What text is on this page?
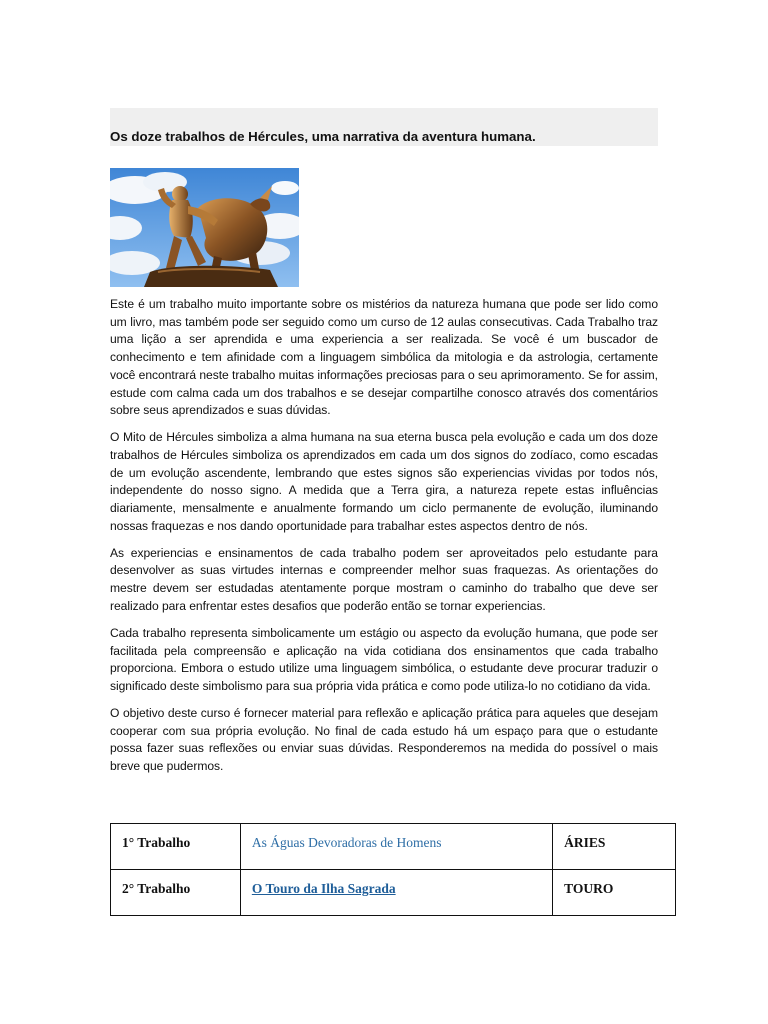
Os doze trabalhos de Hércules, uma narrativa da aventura humana.

Este é um trabalho muito importante sobre os mistérios da natureza humana que pode ser lido como um livro, mas também pode ser seguido como um curso de 12 aulas consecutivas. Cada Trabalho traz uma lição a ser aprendida e uma experiencia a ser realizada. Se você é um buscador de conhecimento e tem afinidade com a linguagem simbólica da mitologia e da astrologia, certamente você encontrará neste trabalho muitas informações preciosas para o seu aprimoramento. Se for assim, estude com calma cada um dos trabalhos e se desejar compartilhe conosco através dos comentários sobre seus aprendizados e suas dúvidas.

O Mito de Hércules simboliza a alma humana na sua eterna busca pela evolução e cada um dos doze trabalhos de Hércules simboliza os aprendizados em cada um dos signos do zodíaco, como escadas de um evolução ascendente, lembrando que estes signos são experiencias vividas por todos nós, independente do nosso signo. A medida que a Terra gira, a natureza repete estas influências diariamente, mensalmente e anualmente formando um ciclo permanente de evolução, iluminando nossas fraquezas e nos dando oportunidade para trabalhar estes aspectos dentro de nós.

As experiencias e ensinamentos de cada trabalho podem ser aproveitados pelo estudante para desenvolver as suas virtudes internas e compreender melhor suas fraquezas. As orientações do mestre devem ser estudadas atentamente porque mostram o caminho do trabalho que deve ser realizado para enfrentar estes desafios que poderão então se tornar experiencias.

Cada trabalho representa simbolicamente um estágio ou aspecto da evolução humana, que pode ser facilitada pela compreensão e aplicação na vida cotidiana dos ensinamentos que cada trabalho proporciona. Embora o estudo utilize uma linguagem simbólica, o estudante deve procurar traduzir o significado deste simbolismo para sua própria vida prática e como pode utiliza-lo no cotidiano da vida.

O objetivo deste curso é fornecer material para reflexão e aplicação prática para aqueles que desejam cooperar com sua própria evolução. No final de cada estudo há um espaço para que o estudante possa fazer suas reflexões ou enviar suas dúvidas. Responderemos na medida do possível o mais breve que pudermos.

1° Trabalho	As Águas Devoradoras de Homens	ÁRIES
2° Trabalho	O Touro da Ilha Sagrada	TOURO
